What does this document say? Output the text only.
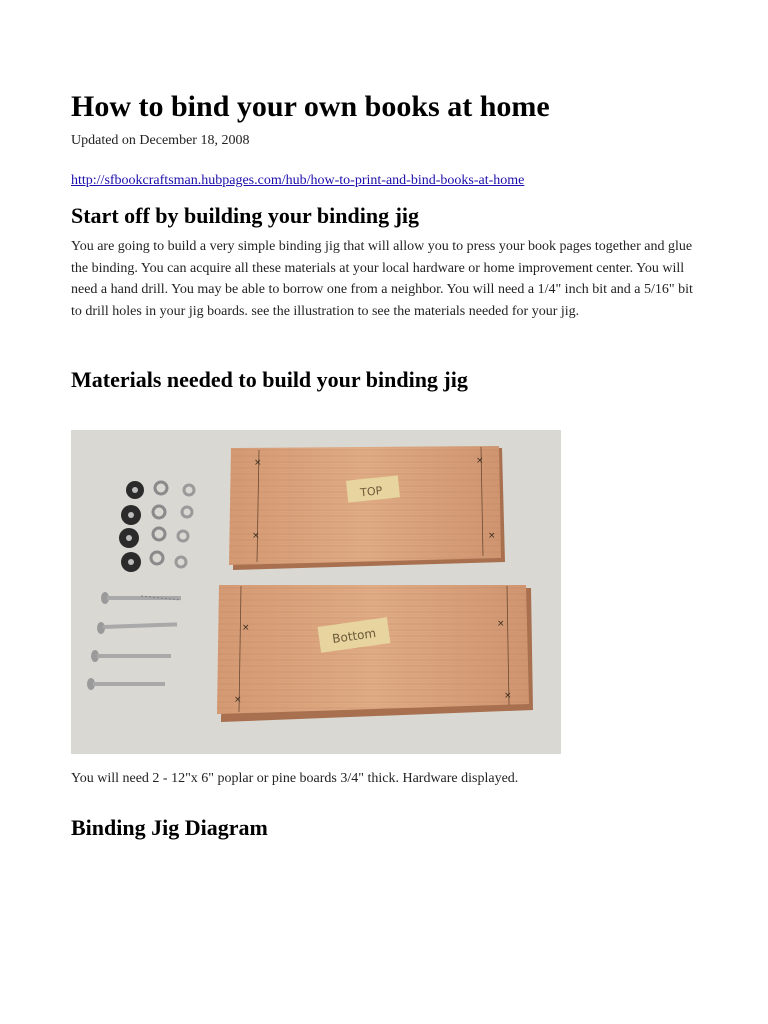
How to bind your own books at home
Updated on December 18, 2008
http://sfbookcraftsman.hubpages.com/hub/how-to-print-and-bind-books-at-home
Start off by building your binding jig

You are going to build a very simple binding jig that will allow you to press your book pages together and glue the binding. You can acquire all these materials at your local hardware or home improvement center. You will need a hand drill. You may be able to borrow one from a neighbor. You will need a 1/4" inch bit and a 5/16" bit to drill holes in your jig boards. see the illustration to see the materials needed for your jig.

Materials needed to build your binding jig
×	×
×	×
TOP
×	×
×	×
Bottom
You will need 2 - 12"x 6" poplar or pine boards 3/4" thick. Hardware displayed.
Binding Jig Diagram
